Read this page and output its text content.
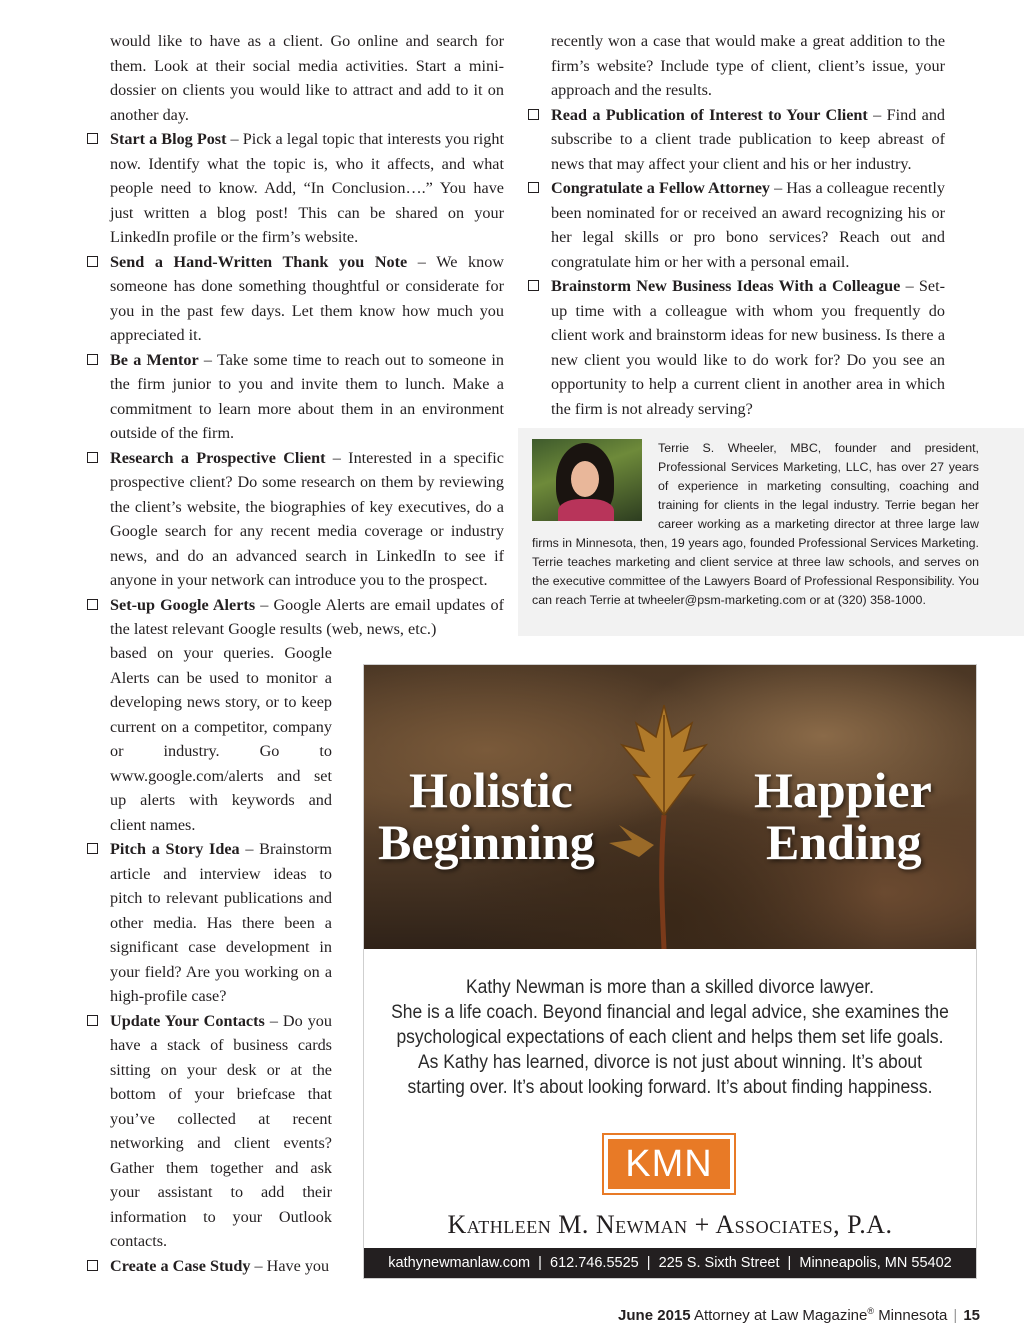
would like to have as a client. Go online and search for them. Look at their social media activities. Start a mini-dossier on clients you would like to attract and add to it on another day.

Start a Blog Post – Pick a legal topic that interests you right now. Identify what the topic is, who it affects, and what people need to know. Add, “In Conclusion….” You have just written a blog post! This can be shared on your LinkedIn profile or the firm’s website.

Send a Hand-Written Thank you Note – We know someone has done something thoughtful or considerate for you in the past few days. Let them know how much you appreciated it.

Be a Mentor – Take some time to reach out to someone in the firm junior to you and invite them to lunch. Make a commitment to learn more about them in an environment outside of the firm.

Research a Prospective Client – Interested in a specific prospective client? Do some research on them by reviewing the client’s website, the biographies of key executives, do a Google search for any recent media coverage or industry news, and do an advanced search in LinkedIn to see if anyone in your network can introduce you to the prospect.

Set-up Google Alerts – Google Alerts are email updates of the latest relevant Google results (web, news, etc.)

based on your queries. Google Alerts can be used to monitor a developing news story, or to keep current on a competitor, company or industry. Go to www.google.com/alerts and set up alerts with keywords and client names.

Pitch a Story Idea – Brainstorm article and interview ideas to pitch to relevant publications and other media. Has there been a significant case development in your field? Are you working on a high-profile case?

Update Your Contacts – Do you have a stack of business cards sitting on your desk or at the bottom of your briefcase that you’ve collected at recent networking and client events? Gather them together and ask your assistant to add their information to your Outlook contacts.

Create a Case Study – Have you

recently won a case that would make a great addition to the firm’s website? Include type of client, client’s issue, your approach and the results.

Read a Publication of Interest to Your Client – Find and subscribe to a client trade publication to keep abreast of news that may affect your client and his or her industry.

Congratulate a Fellow Attorney – Has a colleague recently been nominated for or received an award recognizing his or her legal skills or pro bono services? Reach out and congratulate him or her with a personal email.

Brainstorm New Business Ideas With a Colleague – Set-up time with a colleague with whom you frequently do client work and brainstorm ideas for new business. Is there a new client you would like to do work for? Do you see an opportunity to help a current client in another area in which the firm is not already serving?

Terrie S. Wheeler, MBC, founder and president, Professional Services Marketing, LLC, has over 27 years of experience in marketing consulting, coaching and training for clients in the legal industry. Terrie began her career working as a marketing director at three large law firms in Minnesota, then, 19 years ago, founded Professional Services Marketing. Terrie teaches marketing and client service at three law schools, and serves on the executive committee of the Lawyers Board of Professional Responsibility. You can reach Terrie at twheeler@psm-marketing.com or at (320) 358-1000.
Holistic
Beginning
Happier
Ending
Kathy Newman is more than a skilled divorce lawyer.
She is a life coach. Beyond financial and legal advice, she examines the
psychological expectations of each client and helps them set life goals.
As Kathy has learned, divorce is not just about winning. It’s about
starting over. It’s about looking forward. It’s about finding happiness.
KMN
Kathleen M. Newman + Associates, P.A.
kathynewmanlaw.com  |  612.746.5525  |  225 S. Sixth Street  |  Minneapolis, MN 55402
June 2015 Attorney at Law Magazine® Minnesota | 15
